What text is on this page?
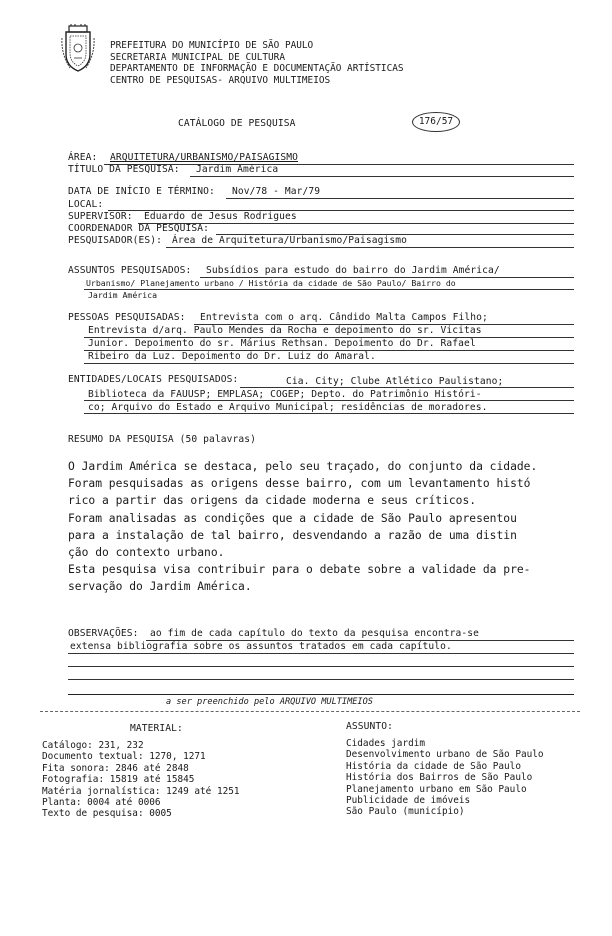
PREFEITURA DO MUNICÍPIO DE SÃO PAULO
SECRETARIA MUNICIPAL DE CULTURA
DEPARTAMENTO DE INFORMAÇÃO E DOCUMENTAÇÃO ARTÍSTICAS
CENTRO DE PESQUISAS- ARQUIVO MULTIMEIOS
CATÁLOGO DE PESQUISA	176/57
ÁREA: ARQUITETURA/URBANISMO/PAISAGISMO
TÍTULO DA PESQUISA: Jardim América
DATA DE INÍCIO E TÉRMINO: Nov/78 - Mar/79
LOCAL:
SUPERVISOR: Eduardo de Jesus Rodrigues
COORDENADOR DA PESQUISA:
PESQUISADOR(ES): Área de Arquitetura/Urbanismo/Paisagismo
ASSUNTOS PESQUISADOS: Subsídios para estudo do bairro do Jardim América/
Urbanismo/ Planejamento urbano / História da cidade de São Paulo/ Bairro do
Jardim América
PESSOAS PESQUISADAS: Entrevista com o arq. Cândido Malta Campos Filho;
Entrevista d/arq. Paulo Mendes da Rocha e depoimento do sr. Vicitas
Junior. Depoimento do sr. Márius Rethsan. Depoimento do Dr. Rafael
Ribeiro da Luz. Depoimento do Dr. Luiz do Amaral.
ENTIDADES/LOCAIS PESQUISADOS:	Cia. City; Clube Atlético Paulistano;
Biblioteca da FAUUSP; EMPLASA; COGEP; Depto. do Patrimônio Históri-
co; Arquivo do Estado e Arquivo Municipal; residências de moradores.
RESUMO DA PESQUISA (50 palavras)

O Jardim América se destaca, pelo seu traçado, do conjunto da cidade.

Foram pesquisadas as origens desse bairro, com um levantamento histó

rico a partir das origens da cidade moderna e seus críticos.

Foram analisadas as condições que a cidade de São Paulo apresentou

para a instalação de tal bairro, desvendando a razão de uma distin

ção do contexto urbano.

Esta pesquisa visa contribuir para o debate sobre a validade da pre-

servação do Jardim América.

OBSERVAÇÕES: ao fim de cada capítulo do texto da pesquisa encontra-se
extensa bibliografia sobre os assuntos tratados em cada capítulo.
a ser preenchido pelo ARQUIVO MULTIMEIOS
MATERIAL:
Catálogo: 231, 232
Documento textual: 1270, 1271
Fita sonora: 2846 até 2848
Fotografia: 15819 até 15845
Matéria jornalística: 1249 até 1251
Planta: 0004 até 0006
Texto de pesquisa: 0005
ASSUNTO:
Cidades jardim
Desenvolvimento urbano de São Paulo
História da cidade de São Paulo
História dos Bairros de São Paulo
Planejamento urbano em São Paulo
Publicidade de imóveis
São Paulo (município)
